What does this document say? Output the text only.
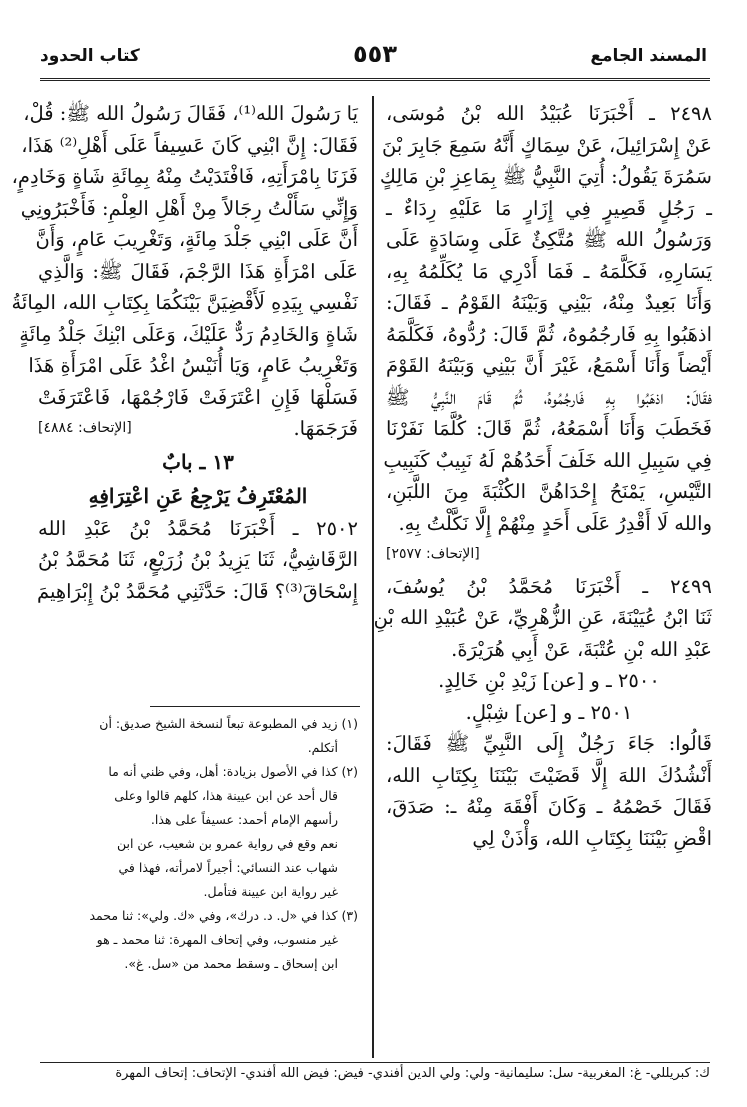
المسند الجامع
٥٥٣
كتاب الحدود
٢٤٩٨ ـ أَخْبَرَنَا عُبَيْدُ الله بْنُ مُوسَى،
عَنْ إِسْرَائِيلَ، عَنْ سِمَاكٍ أَنَّهُ سَمِعَ جَابِرَ بْنَ
سَمُرَةَ يَقُولُ: أُتِيَ النَّبِيُّ ﷺ بِمَاعِزِ بْنِ مَالِكٍ
ـ رَجُلٍ قَصِيرٍ فِي إِزَارٍ مَا عَلَيْهِ رِدَاءٌ ـ
وَرَسُولُ الله ﷺ مُتَّكِئٌ عَلَى وِسَادَةٍ عَلَى
يَسَارِهِ، فَكَلَّمَهُ ـ فَمَا أَدْرِي مَا يُكَلِّمُهُ بِهِ،
وَأَنَا بَعِيدٌ مِنْهُ، بَيْنِي وَبَيْنَهُ القَوْمُ ـ فَقَالَ:
اذهَبُوا بِهِ فَارجُمُوهُ، ثُمَّ قَالَ: رُدُّوهُ، فَكَلَّمَهُ
أَيْضاً وَأَنَا أَسْمَعُ، غَيْرَ أَنَّ بَيْنِي وَبَيْنَهُ القَوْمَ
فقَالَ: اذهَبُوا بِهِ فَارجُمُوهُ، ثُمَّ قَامَ النَّبِيُّ ﷺ
فَخَطَبَ وَأَنَا أَسْمَعُهُ، ثُمَّ قَالَ: كُلَّمَا نَفَرْنَا
فِي سَبِيلِ الله خَلَفَ أَحَدُهُمْ لَهُ نَبِيبٌ كَنَبِيبِ
التَّيْسِ، يَمْنَحُ إِحْدَاهُنَّ الكُثْبَةَ مِنَ اللَّبَنِ،
والله لَا أَقْدِرُ عَلَى أَحَدٍ مِنْهُمْ إِلَّا نَكَّلْتُ بِهِ.
[الإتحاف: ٢٥٧٧]
٢٤٩٩ ـ أَخْبَرَنَا مُحَمَّدُ بْنُ يُوسُفَ،
ثَنَا ابْنُ عُيَيْنَةَ، عَنِ الزُّهْرِيِّ، عَنْ عُبَيْدِ الله بْنِ
عَبْدِ الله بْنِ عُتْبَةَ، عَنْ أَبِي هُرَيْرَةَ.
٢٥٠٠ ـ و [عن] زَيْدِ بْنِ خَالِدٍ.
٢٥٠١ ـ و [عن] شِبْلٍ.
قَالُوا: جَاءَ رَجُلٌ إِلَى النَّبِيِّ ﷺ فَقَالَ:
أَنْشُدُكَ اللهَ إِلَّا قَضَيْتَ بَيْنَنَا بِكِتَابِ الله،
فَقَالَ خَصْمُهُ ـ وَكَانَ أَفْقَهَ مِنْهُ ـ: صَدَقَ،
اقْضِ بَيْنَنَا بِكِتَابِ الله، وَأْذَنْ لِي
يَا رَسُولَ الله⁽¹⁾، فَقَالَ رَسُولُ الله ﷺ: قُلْ،
فَقَالَ: إِنَّ ابْنِي كَانَ عَسِيفاً عَلَى أَهْلِ⁽²⁾ هَذَا،
فَزَنَا بِامْرَأَتِهِ، فَافْتَدَيْتُ مِنْهُ بِمِائَةِ شَاةٍ وَخَادِمٍ،
وَإِنِّي سَأَلْتُ رِجَالاً مِنْ أَهْلِ العِلْمِ: فَأَخْبَرُونِي
أَنَّ عَلَى ابْنِي جَلْدَ مِائَةٍ، وَتَغْرِيبَ عَامٍ، وَأَنَّ
عَلَى امْرَأَةِ هَذَا الرَّجْمَ، فَقَالَ ﷺ: وَالَّذِي
نَفْسِي بِيَدِهِ لَأَقْضِيَنَّ بَيْنَكُمَا بِكِتَابِ الله، المِائَةُ
شَاةٍ وَالخَادِمُ رَدٌّ عَلَيْكَ، وَعَلَى ابْنِكَ جَلْدُ مِائَةٍ
وَتَغْرِيبُ عَامٍ، وَيَا أُنَيْسُ اغْدُ عَلَى امْرَأَةِ هَذَا
فَسَلْهَا فَإِنِ اعْتَرَفَتْ فَارْجُمْهَا، فَاعْتَرَفَتْ
فَرَجَمَهَا.
[الإتحاف: ٤٨٨٤]
١٣ ـ بابٌ
المُعْتَرِفُ يَرْجِعُ عَنِ اعْتِرَافِهِ
٢٥٠٢ ـ أَخْبَرَنَا مُحَمَّدُ بْنُ عَبْدِ الله
الرَّقَاشِيُّ، ثَنَا يَزِيدُ بْنُ زُرَيْعٍ، ثَنَا مُحَمَّدُ بْنُ
إِسْحَاقَ⁽³⁾؟ قَالَ: حَدَّثَنِي مُحَمَّدُ بْنُ إِبْرَاهِيمَ
(١) زيد في المطبوعة تبعاً لنسخة الشيخ صديق: أن
أتكلم.
(٢) كذا في الأصول بزيادة: أهل، وفي ظني أنه ما
قال أحد عن ابن عيينة هذا، كلهم قالوا وعلى
رأسهم الإمام أحمد: عسيفاً على هذا.
نعم وقع في رواية عمرو بن شعيب، عن ابن
شهاب عند النسائي: أجيراً لامرأته، فهذا في
غير رواية ابن عيينة فتأمل.
(٣) كذا في «ل. د. درك»، وفي «ك. ولي»: ثنا محمد
غير منسوب، وفي إتحاف المهرة: ثنا محمد ـ هو
ابن إسحاق ـ وسقط محمد من «سل. غ».
ك: كبريللي- غ: المغربية- سل: سليمانية- ولي: ولي الدين أفندي- فيض: فيض الله أفندي- الإتحاف: إتحاف المهرة
